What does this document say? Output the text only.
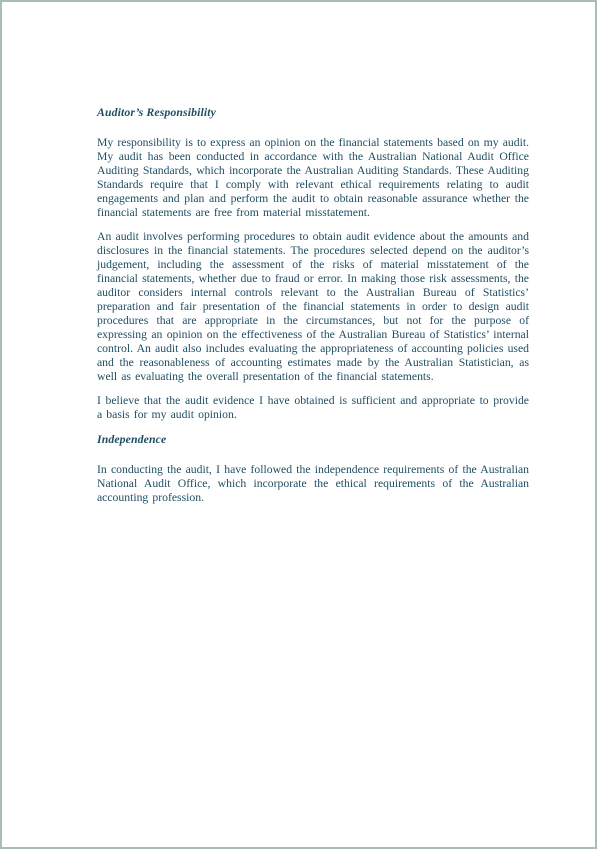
Auditor’s Responsibility

My responsibility is to express an opinion on the financial statements based on my audit. My audit has been conducted in accordance with the Australian National Audit Office Auditing Standards, which incorporate the Australian Auditing Standards. These Auditing Standards require that I comply with relevant ethical requirements relating to audit engagements and plan and perform the audit to obtain reasonable assurance whether the financial statements are free from material misstatement.

An audit involves performing procedures to obtain audit evidence about the amounts and disclosures in the financial statements. The procedures selected depend on the auditor’s judgement, including the assessment of the risks of material misstatement of the financial statements, whether due to fraud or error. In making those risk assessments, the auditor considers internal controls relevant to the Australian Bureau of Statistics’ preparation and fair presentation of the financial statements in order to design audit procedures that are appropriate in the circumstances, but not for the purpose of expressing an opinion on the effectiveness of the Australian Bureau of Statistics’ internal control. An audit also includes evaluating the appropriateness of accounting policies used and the reasonableness of accounting estimates made by the Australian Statistician, as well as evaluating the overall presentation of the financial statements.

I believe that the audit evidence I have obtained is sufficient and appropriate to provide a basis for my audit opinion.

Independence

In conducting the audit, I have followed the independence requirements of the Australian National Audit Office, which incorporate the ethical requirements of the Australian accounting profession.
